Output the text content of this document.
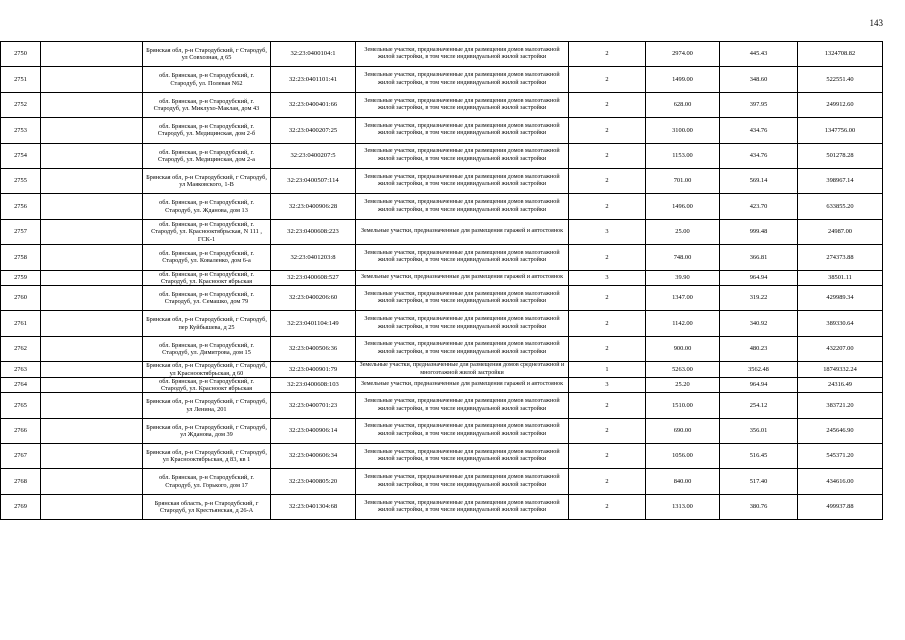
143
2750		Брянская обл, р-н Стародубский, г Стародуб, ул Совхозная, д 65	32:23:0400104:1	Земельные участки, предназначенные для размещения домов малоэтажной жилой застройки, в том числе индивидуальной жилой застройки	2	2974.00	445.43	1324708.82
2751		обл. Брянская, р-н Стародубский, г. Стародуб, ул. Полевая N62	32:23:0401101:41	Земельные участки, предназначенные для размещения домов малоэтажной жилой застройки, в том числе индивидуальной жилой застройки	2	1499.00	348.60	522551.40
2752		обл. Брянская, р-н Стародубский, г. Стародуб, ул. Миклухо-Маклая, дом 43	32:23:0400401:66	Земельные участки, предназначенные для размещения домов малоэтажной жилой застройки, в том числе индивидуальной жилой застройки	2	628.00	397.95	249912.60
2753		обл. Брянская, р-н Стародубский, г. Стародуб, ул. Медицинская, дом 2-б	32:23:0400207:25	Земельные участки, предназначенные для размещения домов малоэтажной жилой застройки, в том числе индивидуальной жилой застройки	2	3100.00	434.76	1347756.00
2754		обл. Брянская, р-н Стародубский, г. Стародуб, ул. Медицинская, дом 2-а	32:23:0400207:5	Земельные участки, предназначенные для размещения домов малоэтажной жилой застройки, в том числе индивидуальной жилой застройки	2	1153.00	434.76	501278.28
2755		Брянская обл, р-н Стародубский, г Стародуб, ул Маяковского, 1-В	32:23:0400507:114	Земельные участки, предназначенные для размещения домов малоэтажной жилой застройки, в том числе индивидуальной жилой застройки	2	701.00	569.14	398967.14
2756		обл. Брянская, р-н Стародубский, г. Стародуб, ул. Жданова, дом 13	32:23:0400906:28	Земельные участки, предназначенные для размещения домов малоэтажной жилой застройки, в том числе индивидуальной жилой застройки	2	1496.00	423.70	633855.20
2757		обл. Брянская, р-н Стародубский, г. Стародуб, ул. Краснооктябрьская, N 111 , ГСК-1	32:23:0400608:223	Земельные участки, предназначенные для размещения гаражей и автостоянок	3	25.00	999.48	24987.00
2758		обл. Брянская, р-н Стародубский, г. Стародуб, ул. Коваленко, дом 6-а	32:23:0401203:8	Земельные участки, предназначенные для размещения домов малоэтажной жилой застройки, в том числе индивидуальной жилой застройки	2	748.00	366.81	274373.88
2759		обл. Брянская, р-н Стародубский, г. Стародуб, ул. Красноокт ябрьская	32:23:0400608:527	Земельные участки, предназначенные для размещения гаражей и автостоянок	3	39.90	964.94	38501.11
2760		обл. Брянская, р-н Стародубский, г. Стародуб, ул. Семашко, дом 79	32:23:0400206:60	Земельные участки, предназначенные для размещения домов малоэтажной жилой застройки, в том числе индивидуальной жилой застройки	2	1347.00	319.22	429989.34
2761		Брянская обл, р-н Стародубский, г Стародуб, пер Куйбышева, д 25	32:23:0401104:149	Земельные участки, предназначенные для размещения домов малоэтажной жилой застройки, в том числе индивидуальной жилой застройки	2	1142.00	340.92	389330.64
2762		обл. Брянская, р-н Стародубский, г. Стародуб, ул. Димитрова, дом 15	32:23:0400506:36	Земельные участки, предназначенные для размещения домов малоэтажной жилой застройки, в том числе индивидуальной жилой застройки	2	900.00	480.23	432207.00
2763		Брянская обл, р-н Стародубский, г Стародуб, ул Краснооктябрьская, д 60	32:23:0400901:79	Земельные участки, предназначенные для размещения домов среднеэтажной и многоэтажной жилой застройки	1	5263.00	3562.48	18749332.24
2764		обл. Брянская, р-н Стародубский, г. Стародуб, ул. Красноокт ябрьская	32:23:0400608:103	Земельные участки, предназначенные для размещения гаражей и автостоянок	3	25.20	964.94	24316.49
2765		Брянская обл, р-н Стародубский, г Стародуб, ул Ленина, 201	32:23:0400701:23	Земельные участки, предназначенные для размещения домов малоэтажной жилой застройки, в том числе индивидуальной жилой застройки	2	1510.00	254.12	383721.20
2766		Брянская обл, р-н Стародубский, г Стародуб, ул Жданова, дом 39	32:23:0400906:14	Земельные участки, предназначенные для размещения домов малоэтажной жилой застройки, в том числе индивидуальной жилой застройки	2	690.00	356.01	245646.90
2767		Брянская обл, р-н Стародубский, г Стародуб, ул Краснооктябрьская, д 83, кв 1	32:23:0400606:34	Земельные участки, предназначенные для размещения домов малоэтажной жилой застройки, в том числе индивидуальной жилой застройки	2	1056.00	516.45	545371.20
2768		обл. Брянская, р-н Стародубский, г. Стародуб, ул. Горького, дом 17	32:23:0400805:20	Земельные участки, предназначенные для размещения домов малоэтажной жилой застройки, в том числе индивидуальной жилой застройки	2	840.00	517.40	434616.00
2769		Брянская область, р-н Стародубский, г Стародуб, ул Крестьянская, д 26-А	32:23:0401304:68	Земельные участки, предназначенные для размещения домов малоэтажной жилой застройки, в том числе индивидуальной жилой застройки	2	1313.00	380.76	499937.88
